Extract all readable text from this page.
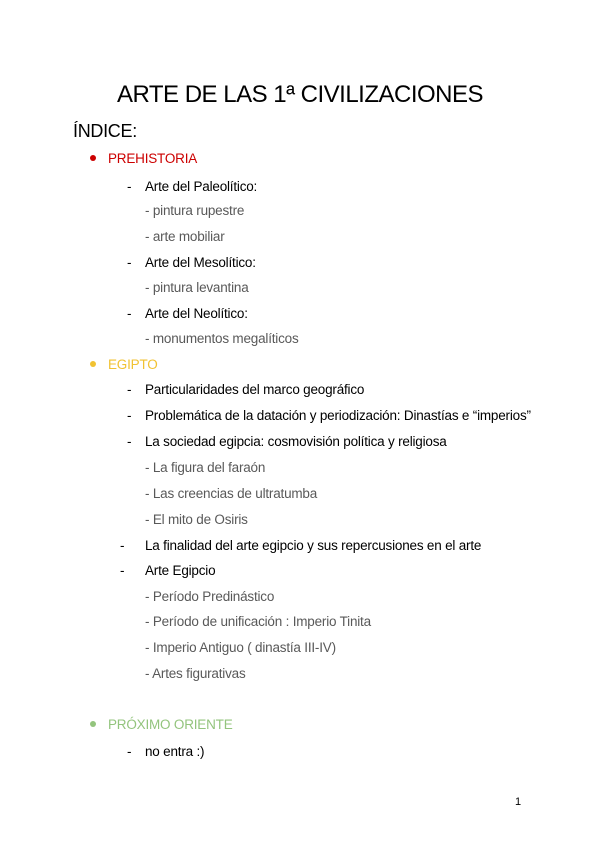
ARTE DE LAS 1ª CIVILIZACIONES
ÍNDICE:
PREHISTORIA
- Arte del Paleolítico:
- pintura rupestre
- arte mobiliar
- Arte del Mesolítico:
- pintura levantina
- Arte del Neolítico:
- monumentos megalíticos
EGIPTO
- Particularidades del marco geográfico
- Problemática de la datación y periodización: Dinastías e “imperios”
- La sociedad egipcia: cosmovisión política y religiosa
- La figura del faraón
- Las creencias de ultratumba
- El mito de Osiris
- La finalidad del arte egipcio y sus repercusiones en el arte
- Arte Egipcio
- Período Predinástico
- Período de unificación : Imperio Tinita
- Imperio Antiguo ( dinastía III-IV)
- Artes figurativas
PRÓXIMO ORIENTE
- no entra :)
1
